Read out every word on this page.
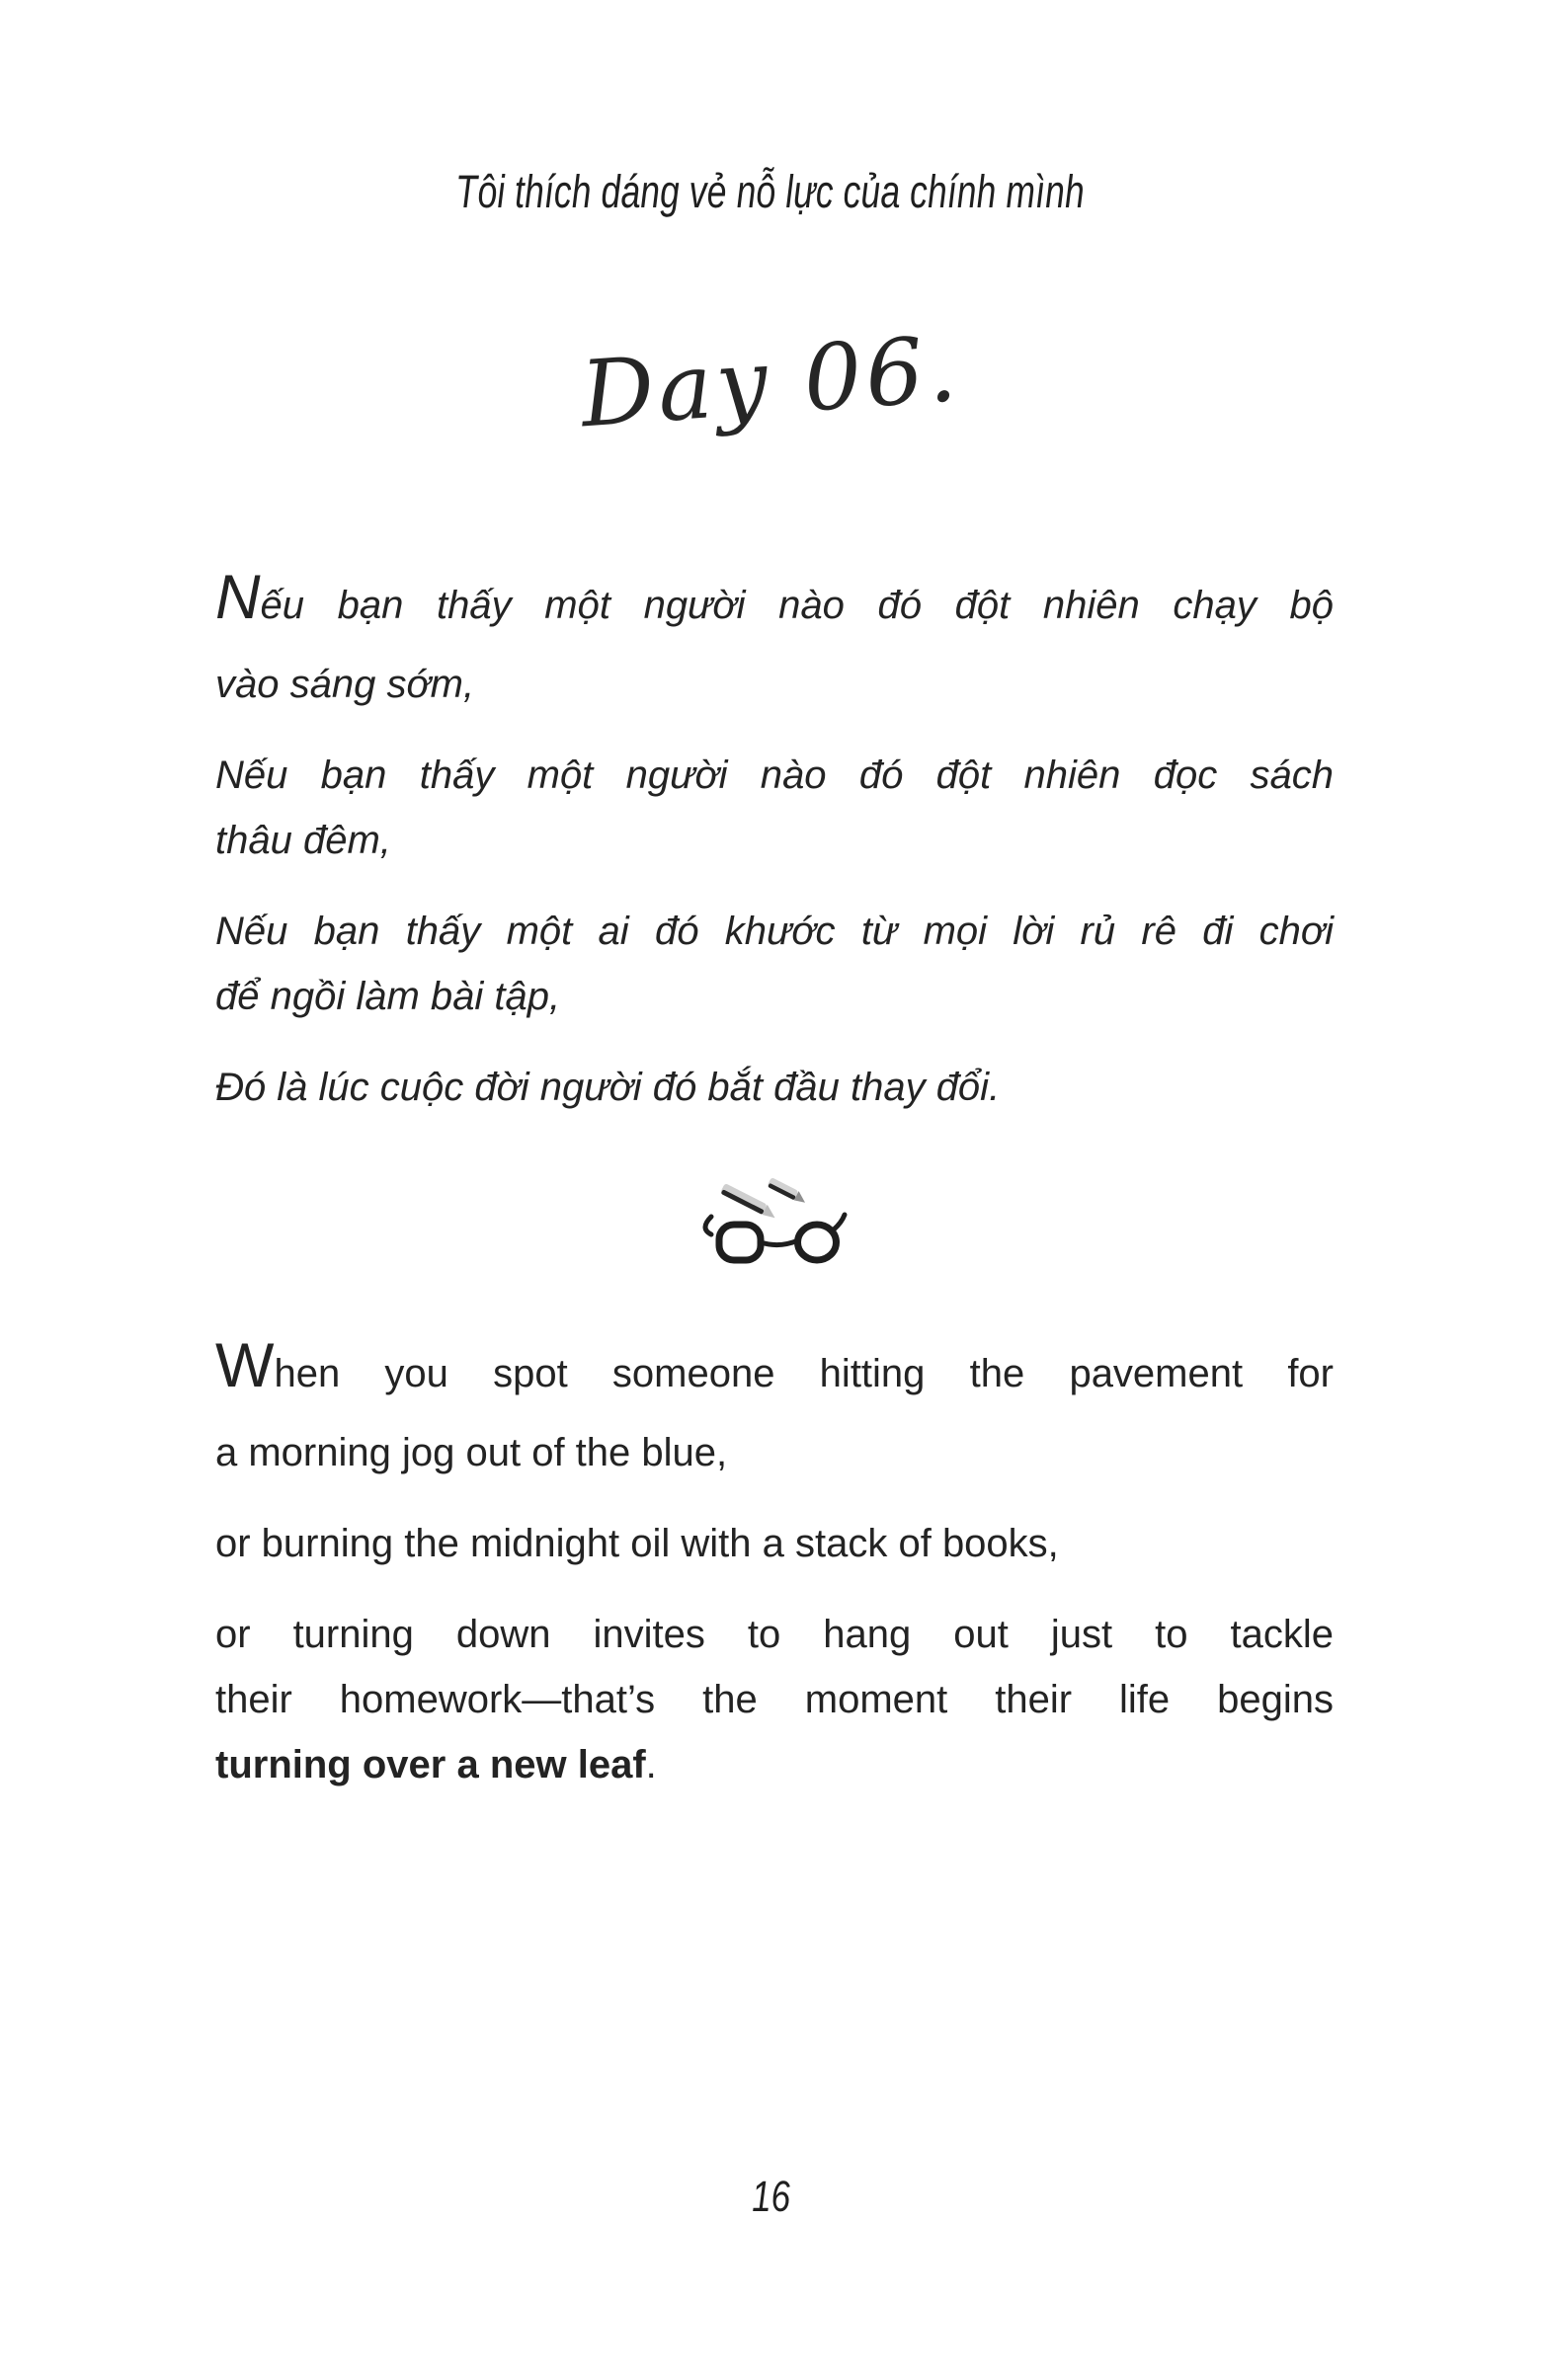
Tôi thích dáng vẻ nỗ lực của chính mình
Day 06.

Nếu bạn thấy một người nào đó đột nhiên chạy bộ
vào sáng sớm,

Nếu bạn thấy một người nào đó đột nhiên đọc sách
thâu đêm,

Nếu bạn thấy một ai đó khước từ mọi lời rủ rê đi chơi
để ngồi làm bài tập,

Đó là lúc cuộc đời người đó bắt đầu thay đổi.

When you spot someone hitting the pavement for
a morning jog out of the blue,

or burning the midnight oil with a stack of books,

or turning down invites to hang out just to tackle
their homework—that’s the moment their life begins
turning over a new leaf.

16
